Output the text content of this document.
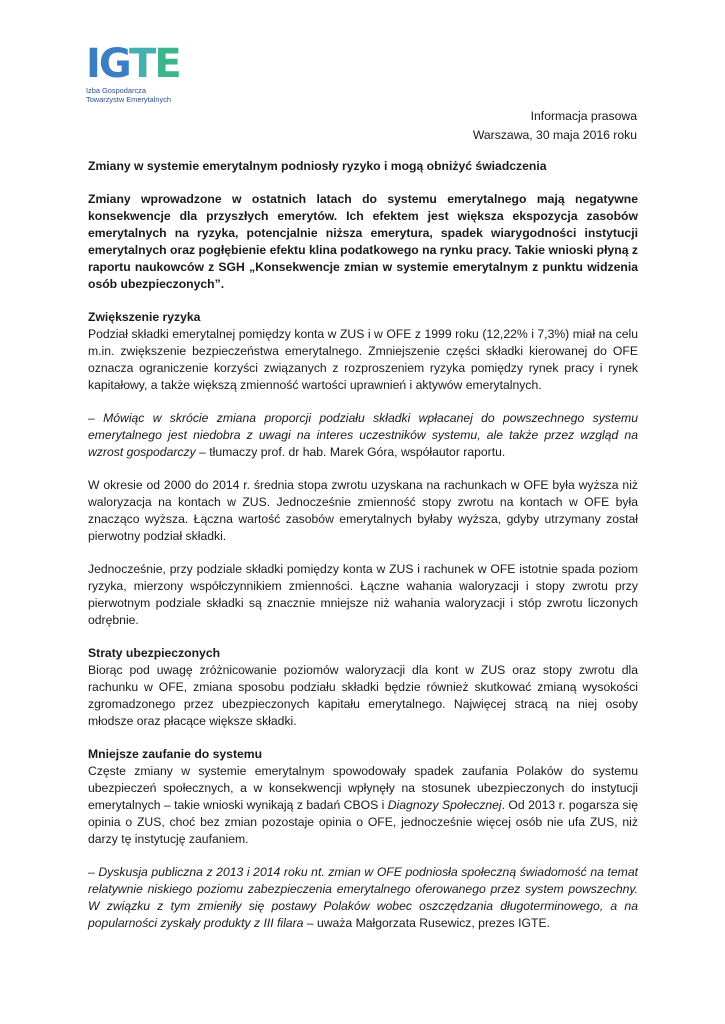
IGTE
Izba Gospodarcza
Towarzystw Emerytalnych
Informacja prasowa
Warszawa, 30 maja 2016 roku

Zmiany w systemie emerytalnym podniosły ryzyko i mogą obniżyć świadczenia

Zmiany wprowadzone w ostatnich latach do systemu emerytalnego mają negatywne konsekwencje dla przyszłych emerytów. Ich efektem jest większa ekspozycja zasobów emerytalnych na ryzyka, potencjalnie niższa emerytura, spadek wiarygodności instytucji emerytalnych oraz pogłębienie efektu klina podatkowego na rynku pracy. Takie wnioski płyną z raportu naukowców z SGH „Konsekwencje zmian w systemie emerytalnym z punktu widzenia osób ubezpieczonych”.

Zwiększenie ryzyka

Podział składki emerytalnej pomiędzy konta w ZUS i w OFE z 1999 roku (12,22% i 7,3%) miał na celu m.in. zwiększenie bezpieczeństwa emerytalnego. Zmniejszenie części składki kierowanej do OFE oznacza ograniczenie korzyści związanych z rozproszeniem ryzyka pomiędzy rynek pracy i rynek kapitałowy, a także większą zmienność wartości uprawnień i aktywów emerytalnych.

– Mówiąc w skrócie zmiana proporcji podziału składki wpłacanej do powszechnego systemu emerytalnego jest niedobra z uwagi na interes uczestników systemu, ale także przez wzgląd na wzrost gospodarczy – tłumaczy prof. dr hab. Marek Góra, współautor raportu.

W okresie od 2000 do 2014 r. średnia stopa zwrotu uzyskana na rachunkach w OFE była wyższa niż waloryzacja na kontach w ZUS. Jednocześnie zmienność stopy zwrotu na kontach w OFE była znacząco wyższa. Łączna wartość zasobów emerytalnych byłaby wyższa, gdyby utrzymany został pierwotny podział składki.

Jednocześnie, przy podziale składki pomiędzy konta w ZUS i rachunek w OFE istotnie spada poziom ryzyka, mierzony współczynnikiem zmienności. Łączne wahania waloryzacji i stopy zwrotu przy pierwotnym podziale składki są znacznie mniejsze niż wahania waloryzacji i stóp zwrotu liczonych odrębnie.

Straty ubezpieczonych

Biorąc pod uwagę zróżnicowanie poziomów waloryzacji dla kont w ZUS oraz stopy zwrotu dla rachunku w OFE, zmiana sposobu podziału składki będzie również skutkować zmianą wysokości zgromadzonego przez ubezpieczonych kapitału emerytalnego. Najwięcej stracą na niej osoby młodsze oraz płacące większe składki.

Mniejsze zaufanie do systemu

Częste zmiany w systemie emerytalnym spowodowały spadek zaufania Polaków do systemu ubezpieczeń społecznych, a w konsekwencji wpłynęły na stosunek ubezpieczonych do instytucji emerytalnych – takie wnioski wynikają z badań CBOS i Diagnozy Społecznej. Od 2013 r. pogarsza się opinia o ZUS, choć bez zmian pozostaje opinia o OFE, jednocześnie więcej osób nie ufa ZUS, niż darzy tę instytucję zaufaniem.

– Dyskusja publiczna z 2013 i 2014 roku nt. zmian w OFE podniosła społeczną świadomość na temat relatywnie niskiego poziomu zabezpieczenia emerytalnego oferowanego przez system powszechny. W związku z tym zmieniły się postawy Polaków wobec oszczędzania długoterminowego, a na popularności zyskały produkty z III filara – uważa Małgorzata Rusewicz, prezes IGTE.
